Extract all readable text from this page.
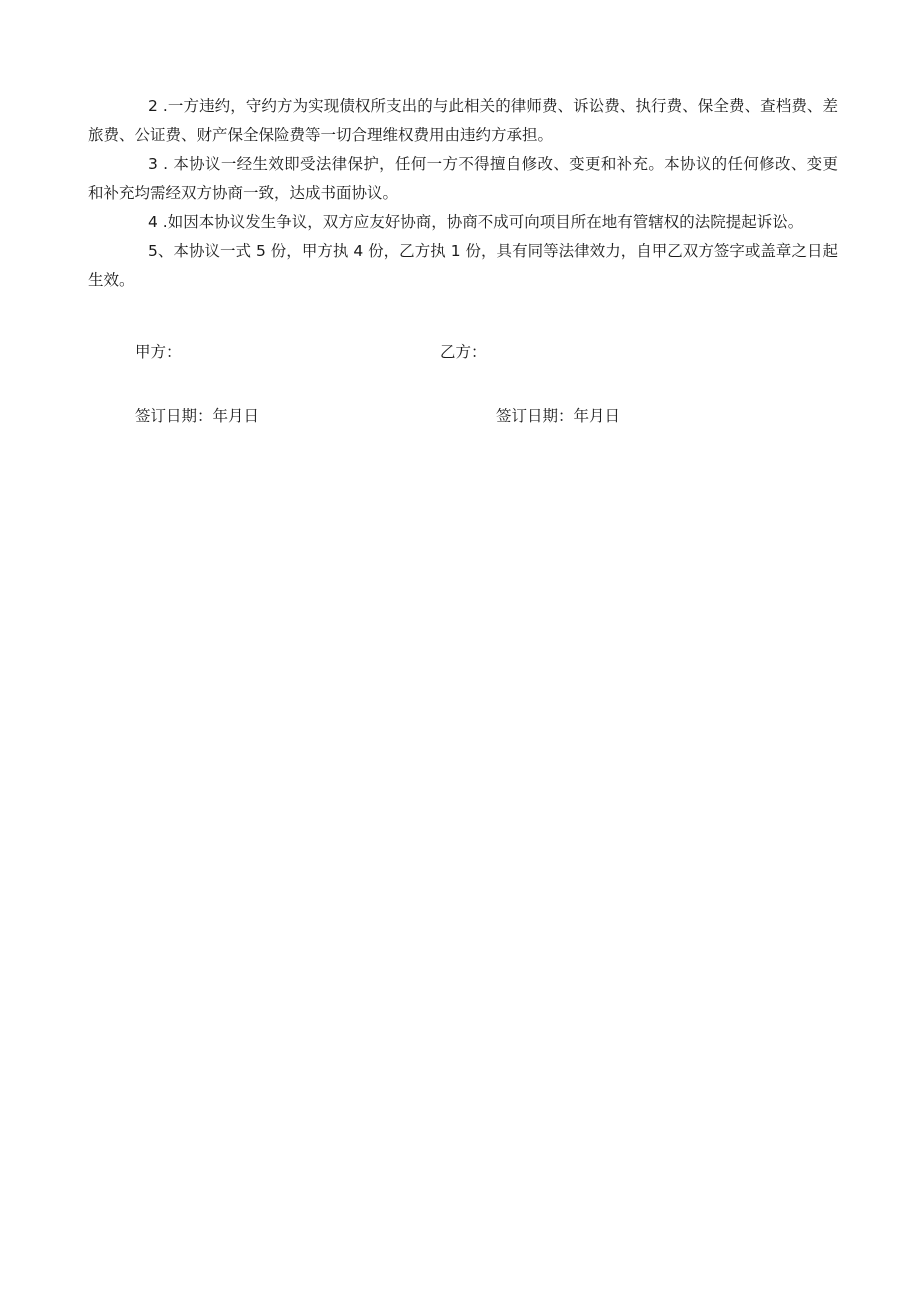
2 .一方违约，守约方为实现债权所支出的与此相关的律师费、诉讼费、执行费、保全费、查档费、差旅费、公证费、财产保全保险费等一切合理维权费用由违约方承担。

3 . 本协议一经生效即受法律保护，任何一方不得擅自修改、变更和补充。本协议的任何修改、变更和补充均需经双方协商一致，达成书面协议。

4 .如因本协议发生争议，双方应友好协商，协商不成可向项目所在地有管辖权的法院提起诉讼。

5、本协议一式 5 份，甲方执 4 份，乙方执 1 份，具有同等法律效力，自甲乙双方签字或盖章之日起生效。

甲方：	乙方：
签订日期：年月日	签订日期：年月日
